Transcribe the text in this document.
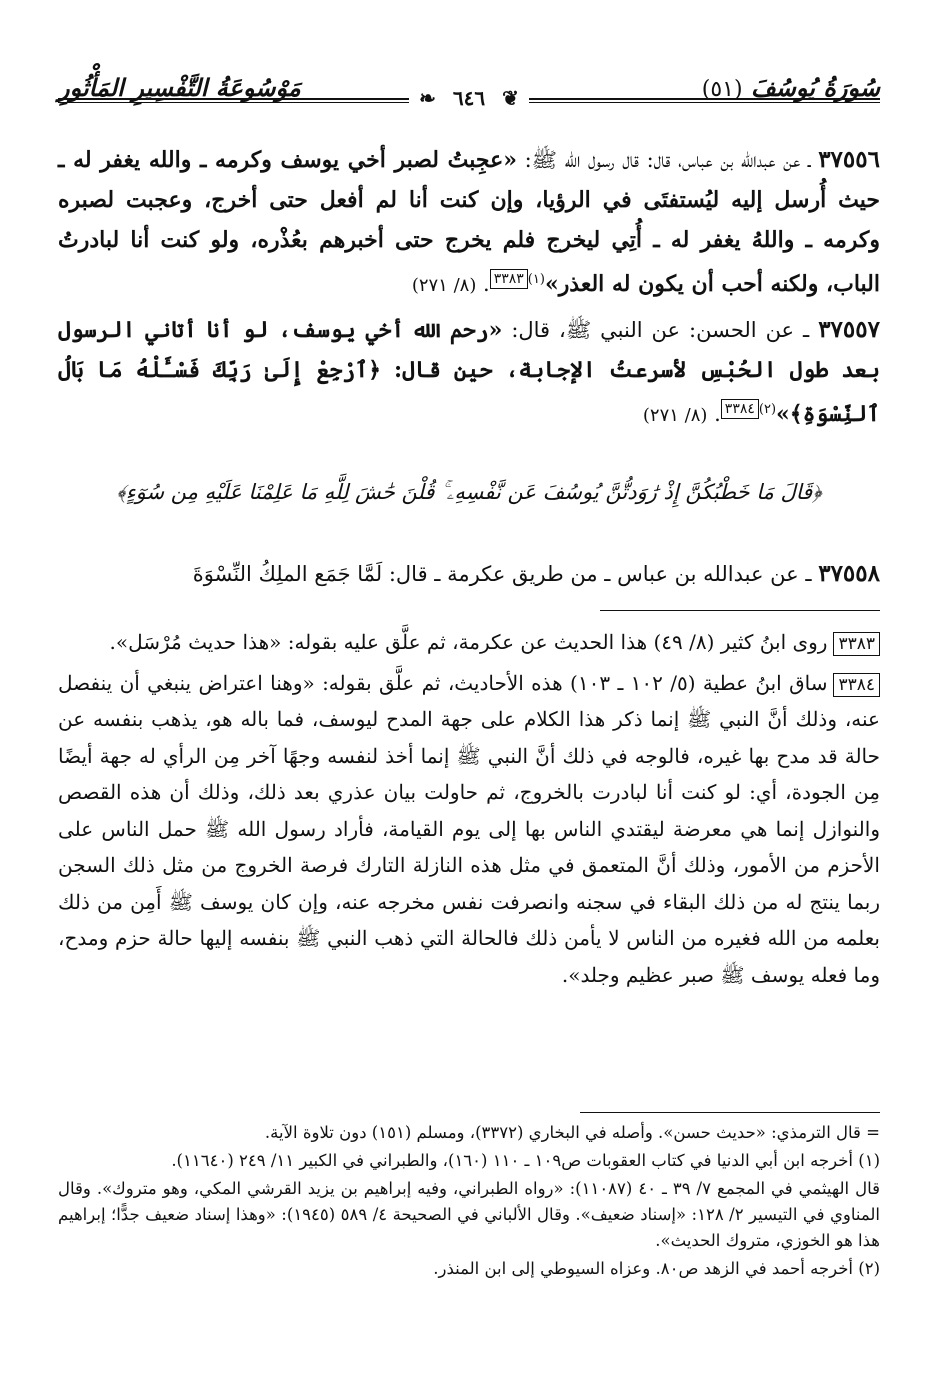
سُورَةُ يُوسُفَ (٥١)
مَوْسُوعَةُ التَّفْسِيرِ المَأْثُورِ	❦ ٦٤٦ ❧

٣٧٥٥٦ ـ عن عبدالله بن عباس، قال: قال رسول الله ﷺ: «عجِبتُ لصبر أخي يوسف وكرمه ـ والله يغفر له ـ حيث أُرسل إليه ليُستفتَى في الرؤيا، وإن كنت أنا لم أفعل حتى أخرج، وعجبت لصبره وكرمه ـ واللهُ يغفر له ـ أُتِي ليخرج فلم يخرج حتى أخبرهم بعُذْره، ولو كنت أنا لبادرتُ الباب، ولكنه أحب أن يكون له العذر»$^{(١)}$٣٣٨٣. (٨/ ٢٧١)

٣٧٥٥٧ ـ عن الحسن: عن النبي ﷺ، قال: «رحم الله أخي يوسف، لو أنا أتاني الرسول بعد طول الحُبْسِ لأسرعتُ الإجابة، حين قال: ﴿ٱرْجِعْ إِلَىٰ رَبِّكَ فَسْـَٔلْهُ مَا بَالُ ٱلنِّسْوَةِ﴾»$^{(٢)}$٣٣٨٤. (٨/ ٢٧١)

﴿قَالَ مَا خَطْبُكُنَّ إِذْ رَٰوَدتُّنَّ يُوسُفَ عَن نَّفْسِهِۦ ۚ قُلْنَ حَٰشَ لِلَّهِ مَا عَلِمْنَا عَلَيْهِ مِن سُوٓءٍ﴾
٣٧٥٥٨ ـ عن عبدالله بن عباس ـ من طريق عكرمة ـ قال: لَمَّا جَمَع الملِكُ النِّسْوَةَ

٣٣٨٣روى ابنُ كثير (٨/ ٤٩) هذا الحديث عن عكرمة، ثم علَّق عليه بقوله: «هذا حديث مُرْسَل».

٣٣٨٤ساق ابنُ عطية (٥/ ١٠٢ ـ ١٠٣) هذه الأحاديث، ثم علَّق بقوله: «وهنا اعتراض ينبغي أن ينفصل عنه، وذلك أنَّ النبي ﷺ إنما ذكر هذا الكلام على جهة المدح ليوسف، فما باله هو، يذهب بنفسه عن حالة قد مدح بها غيره، فالوجه في ذلك أنَّ النبي ﷺ إنما أخذ لنفسه وجهًا آخر مِن الرأي له جهة أيضًا مِن الجودة، أي: لو كنت أنا لبادرت بالخروج، ثم حاولت بيان عذري بعد ذلك، وذلك أن هذه القصص والنوازل إنما هي معرضة ليقتدي الناس بها إلى يوم القيامة، فأراد رسول الله ﷺ حمل الناس على الأحزم من الأمور، وذلك أنَّ المتعمق في مثل هذه النازلة التارك فرصة الخروج من مثل ذلك السجن ربما ينتج له من ذلك البقاء في سجنه وانصرفت نفس مخرجه عنه، وإن كان يوسف ﷺ أَمِن من ذلك بعلمه من الله فغيره من الناس لا يأمن ذلك فالحالة التي ذهب النبي ﷺ بنفسه إليها حالة حزم ومدح، وما فعله يوسف ﷺ صبر عظيم وجلد».

= قال الترمذي: «حديث حسن». وأصله في البخاري (٣٣٧٢)، ومسلم (١٥١) دون تلاوة الآية.

(١) أخرجه ابن أبي الدنيا في كتاب العقوبات ص١٠٩ ـ ١١٠ (١٦٠)، والطبراني في الكبير ١١/ ٢٤٩ (١١٦٤٠).

قال الهيثمي في المجمع ٧/ ٣٩ ـ ٤٠ (١١٠٨٧): «رواه الطبراني، وفيه إبراهيم بن يزيد القرشي المكي، وهو متروك». وقال المناوي في التيسير ٢/ ١٢٨: «إسناد ضعيف». وقال الألباني في الصحيحة ٤/ ٥٨٩ (١٩٤٥): «وهذا إسناد ضعيف جدًّا؛ إبراهيم هذا هو الخوزي، متروك الحديث».

(٢) أخرجه أحمد في الزهد ص٨٠. وعزاه السيوطي إلى ابن المنذر.
